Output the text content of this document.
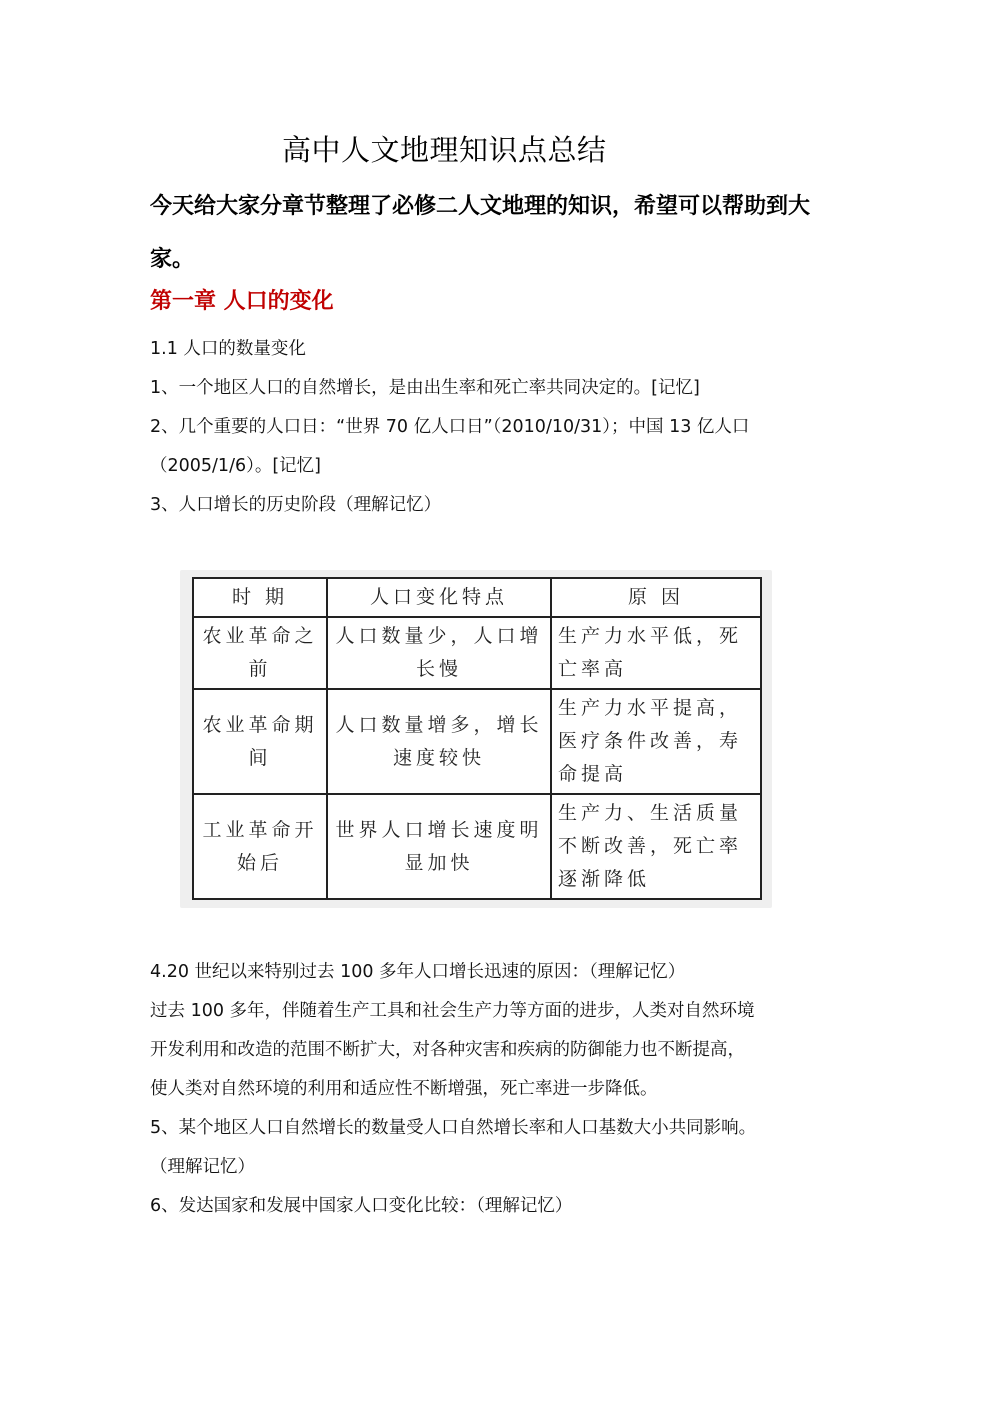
高中人文地理知识点总结
今天给大家分章节整理了必修二人文地理的知识，希望可以帮助到大家。
第一章 人口的变化
1.1 人口的数量变化
1、一个地区人口的自然增长，是由出生率和死亡率共同决定的。[记忆]
2、几个重要的人口日：“世界 70 亿人口日”（2010/10/31）；中国 13 亿人口
（2005/1/6）。[记忆]
3、人口增长的历史阶段（理解记忆）
时 期	人口变化特点	原 因
农业革命之前	人口数量少，人口增长慢	生产力水平低，死亡率高
农业革命期间	人口数量增多，增长速度较快	生产力水平提高，医疗条件改善，寿命提高
工业革命开始后	世界人口增长速度明显加快	生产力、生活质量不断改善，死亡率逐渐降低
4.20 世纪以来特别过去 100 多年人口增长迅速的原因：（理解记忆）
过去 100 多年，伴随着生产工具和社会生产力等方面的进步，人类对自然环境
开发利用和改造的范围不断扩大，对各种灾害和疾病的防御能力也不断提高，
使人类对自然环境的利用和适应性不断增强，死亡率进一步降低。
5、某个地区人口自然增长的数量受人口自然增长率和人口基数大小共同影响。
（理解记忆）
6、发达国家和发展中国家人口变化比较：（理解记忆）
